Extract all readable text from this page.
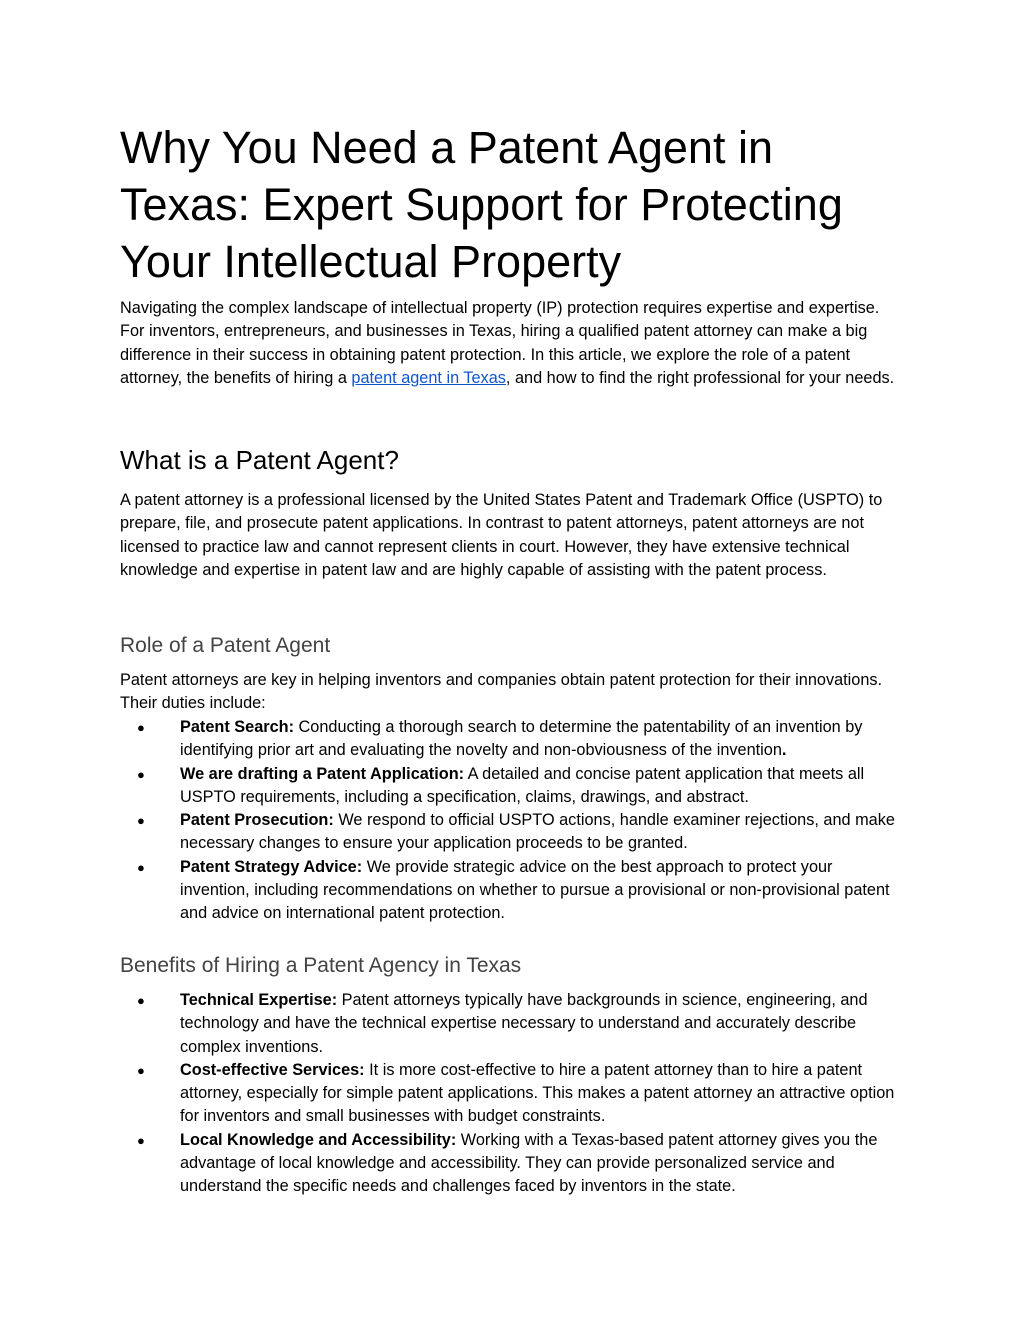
Why You Need a Patent Agent in Texas: Expert Support for Protecting Your Intellectual Property

Navigating the complex landscape of intellectual property (IP) protection requires expertise and expertise. For inventors, entrepreneurs, and businesses in Texas, hiring a qualified patent attorney can make a big difference in their success in obtaining patent protection. In this article, we explore the role of a patent attorney, the benefits of hiring a patent agent in Texas, and how to find the right professional for your needs.

What is a Patent Agent?

A patent attorney is a professional licensed by the United States Patent and Trademark Office (USPTO) to prepare, file, and prosecute patent applications. In contrast to patent attorneys, patent attorneys are not licensed to practice law and cannot represent clients in court. However, they have extensive technical knowledge and expertise in patent law and are highly capable of assisting with the patent process.

Role of a Patent Agent

Patent attorneys are key in helping inventors and companies obtain patent protection for their innovations. Their duties include:

● Patent Search: Conducting a thorough search to determine the patentability of an invention by identifying prior art and evaluating the novelty and non-obviousness of the invention.
● We are drafting a Patent Application: A detailed and concise patent application that meets all USPTO requirements, including a specification, claims, drawings, and abstract.
● Patent Prosecution: We respond to official USPTO actions, handle examiner rejections, and make necessary changes to ensure your application proceeds to be granted.
● Patent Strategy Advice: We provide strategic advice on the best approach to protect your invention, including recommendations on whether to pursue a provisional or non-provisional patent and advice on international patent protection.
Benefits of Hiring a Patent Agency in Texas
● Technical Expertise: Patent attorneys typically have backgrounds in science, engineering, and technology and have the technical expertise necessary to understand and accurately describe complex inventions.
● Cost-effective Services: It is more cost-effective to hire a patent attorney than to hire a patent attorney, especially for simple patent applications. This makes a patent attorney an attractive option for inventors and small businesses with budget constraints.
● Local Knowledge and Accessibility: Working with a Texas-based patent attorney gives you the advantage of local knowledge and accessibility. They can provide personalized service and understand the specific needs and challenges faced by inventors in the state.
